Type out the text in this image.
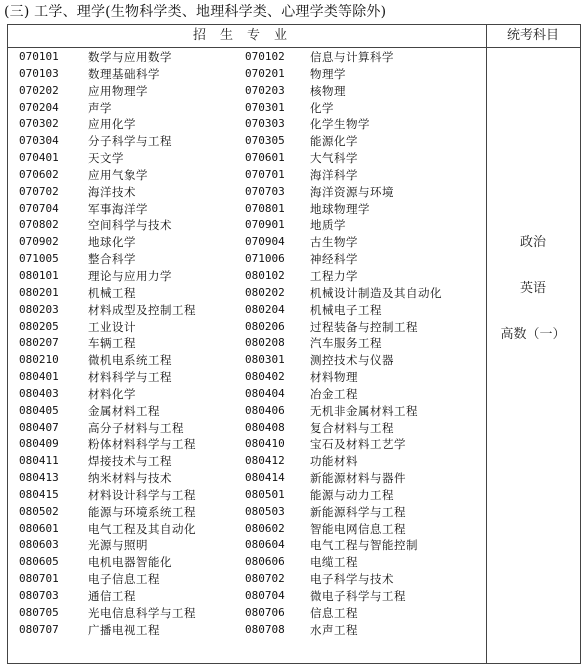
(三) 工学、理学(生物科学类、地理科学类、心理学类等除外)
招生专业	统考科目
070101	数学与应用数学	070102 信息与计算科学
070103	数理基础科学	070201 物理学
070202	应用物理学	070203 核物理
070204	声学	070301 化学
070302	应用化学	070303 化学生物学
070304	分子科学与工程	070305 能源化学
070401	天文学	070601 大气科学
070602	应用气象学	070701 海洋科学
070702	海洋技术	070703 海洋资源与环境
070704	军事海洋学	070801 地球物理学
070802	空间科学与技术	070901 地质学
070902	地球化学	070904 古生物学
071005	整合科学	071006 神经科学
080101	理论与应用力学	080102 工程力学
080201	机械工程	080202 机械设计制造及其自动化
080203	材料成型及控制工程	080204 机械电子工程
080205	工业设计	080206 过程装备与控制工程
080207	车辆工程	080208 汽车服务工程
080210	微机电系统工程	080301 测控技术与仪器
080401	材料科学与工程	080402 材料物理
080403	材料化学	080404 冶金工程
080405	金属材料工程	080406 无机非金属材料工程
080407	高分子材料与工程	080408 复合材料与工程
080409	粉体材料科学与工程	080410 宝石及材料工艺学
080411	焊接技术与工程	080412 功能材料
080413	纳米材料与技术	080414 新能源材料与器件
080415	材料设计科学与工程	080501 能源与动力工程
080502	能源与环境系统工程	080503 新能源科学与工程
080601	电气工程及其自动化	080602 智能电网信息工程
080603	光源与照明	080604 电气工程与智能控制
080605	电机电器智能化	080606 电缆工程
080701	电子信息工程	080702 电子科学与技术
080703	通信工程	080704 微电子科学与工程
080705	光电信息科学与工程	080706 信息工程
080707	广播电视工程	080708 水声工程
政治
英语
高数（一）
